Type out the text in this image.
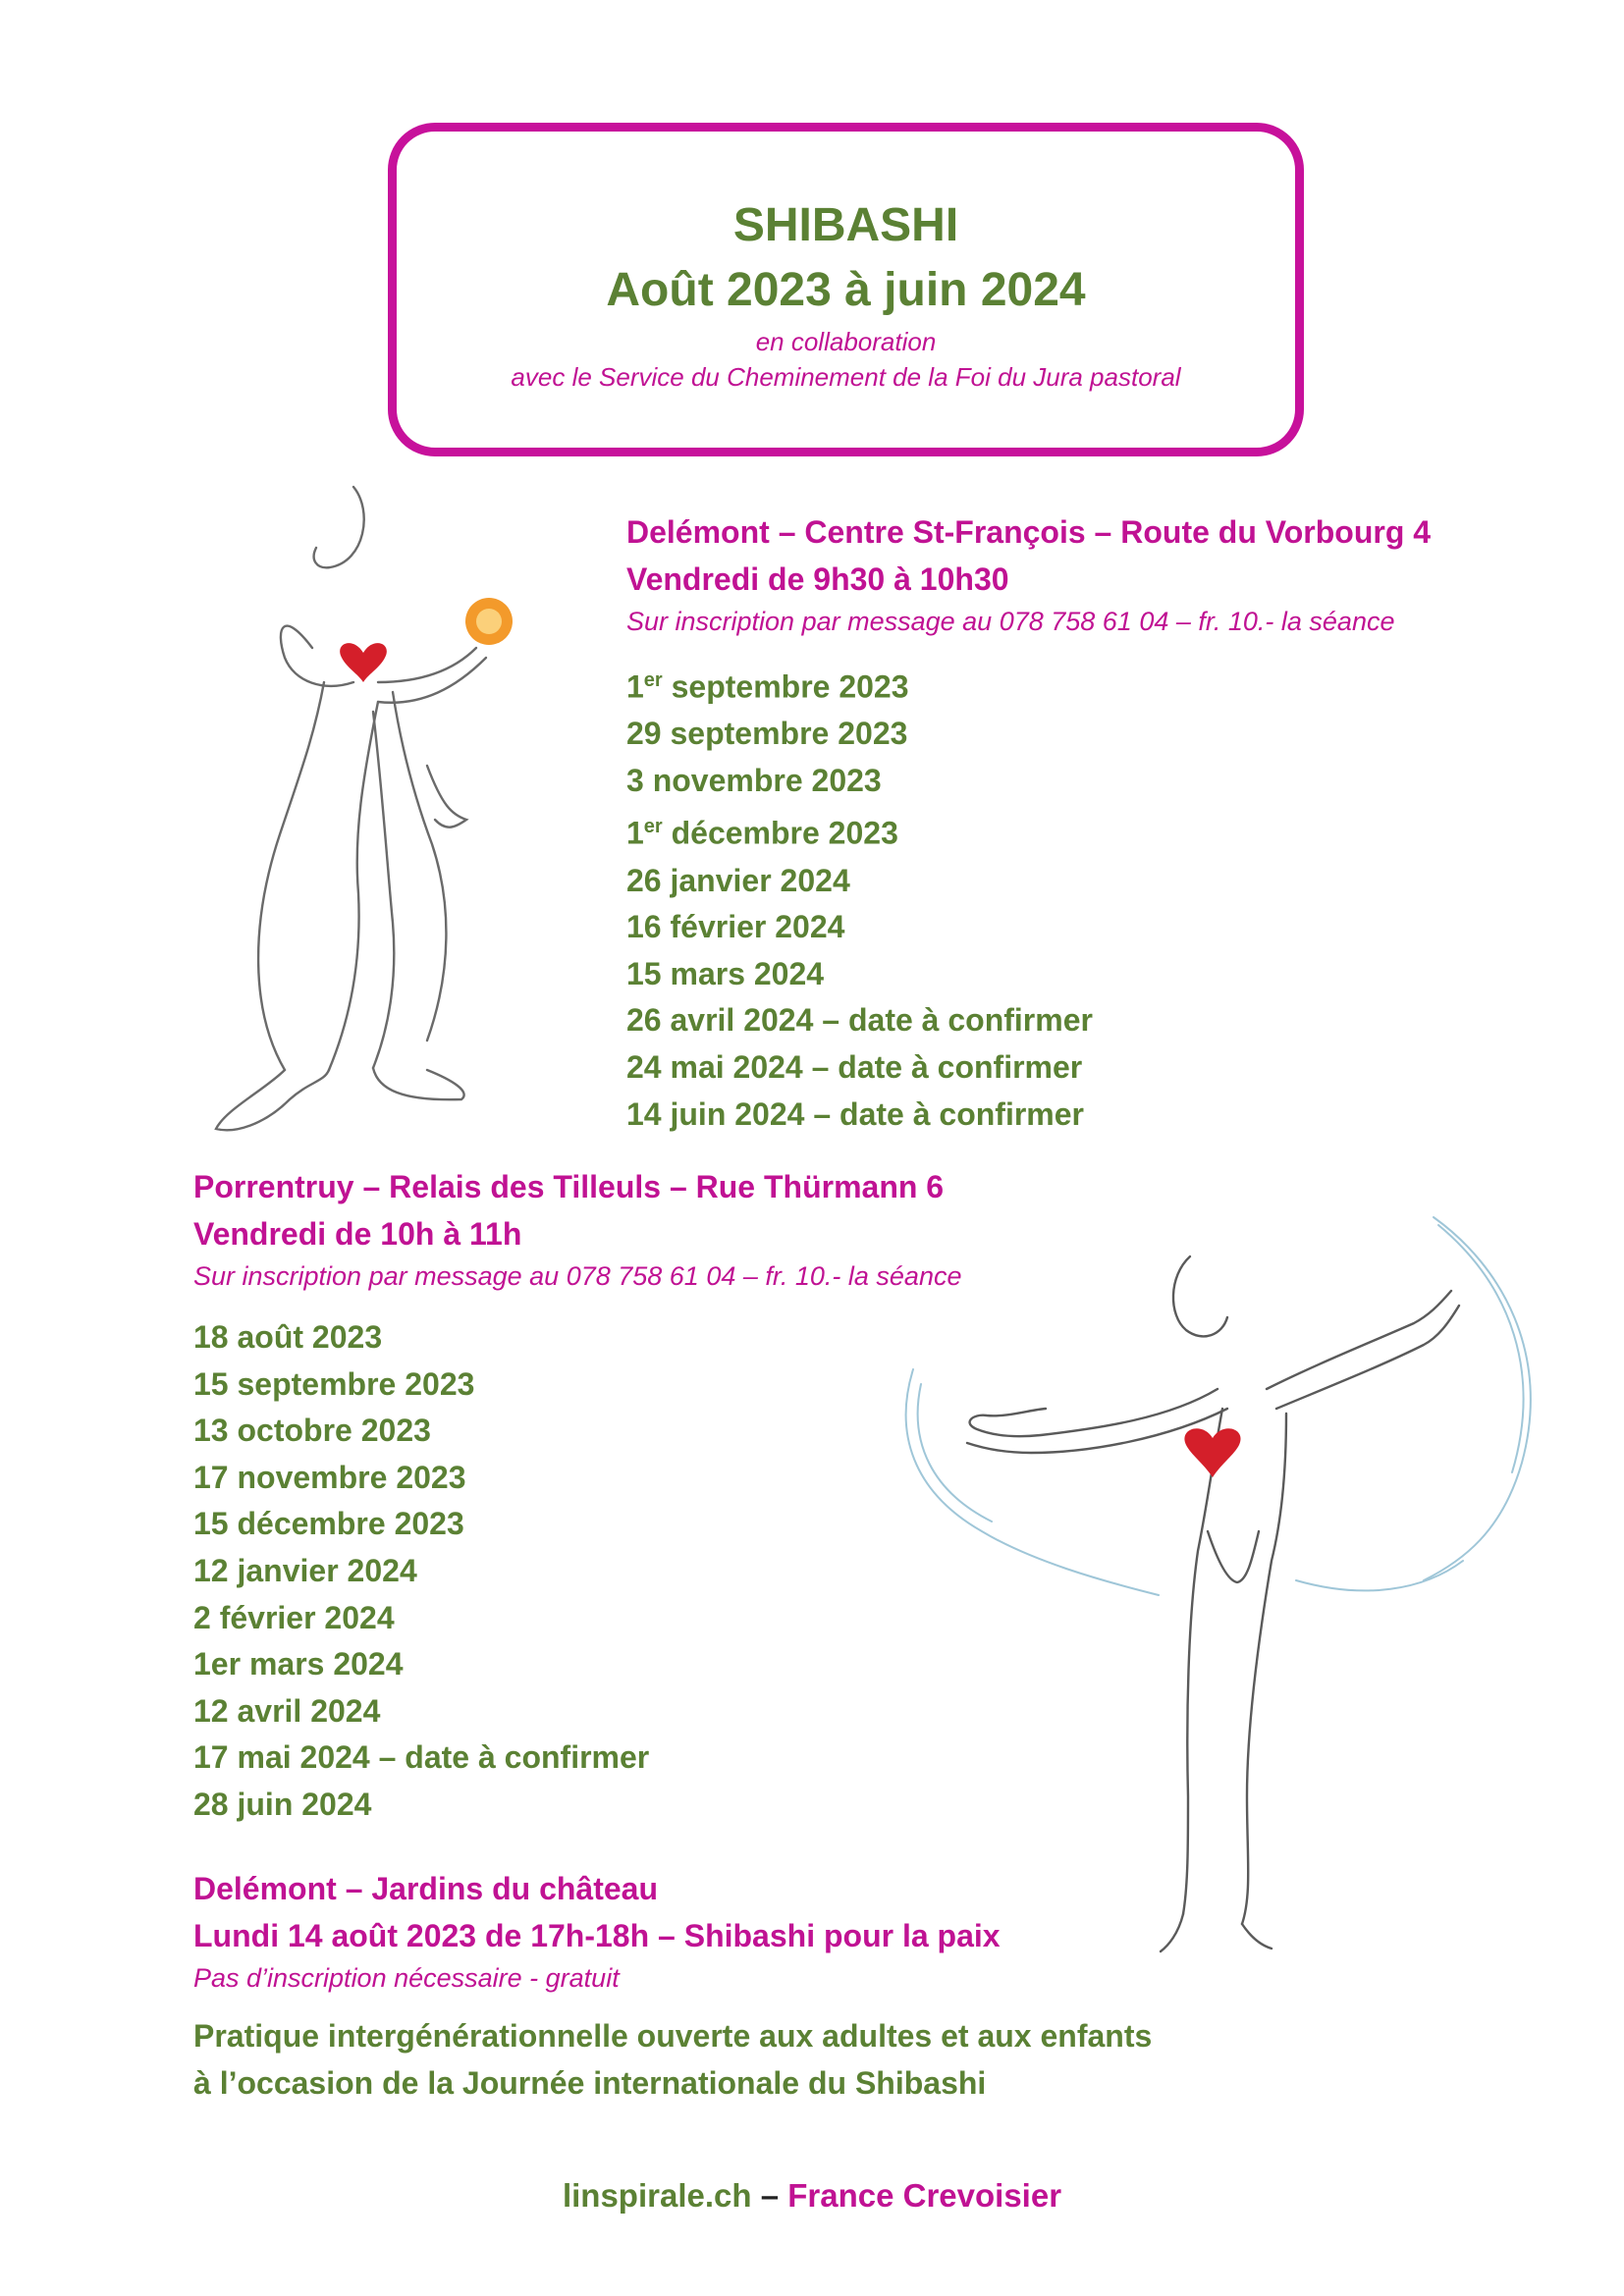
SHIBASHI
Août 2023 à juin 2024
en collaboration
avec le Service du Cheminement de la Foi du Jura pastoral
Delémont – Centre St-François – Route du Vorbourg 4
Vendredi de 9h30 à 10h30
Sur inscription par message au 078 758 61 04 – fr. 10.- la séance
1er septembre 2023
29 septembre 2023
3 novembre 2023
1er décembre 2023
26 janvier 2024
16 février 2024
15 mars 2024
26 avril 2024 – date à confirmer
24 mai 2024 – date à confirmer
14 juin 2024 – date à confirmer
Porrentruy – Relais des Tilleuls – Rue Thürmann 6
Vendredi de 10h à 11h
Sur inscription par message au 078 758 61 04 – fr. 10.- la séance
18 août 2023
15 septembre 2023
13 octobre 2023
17 novembre 2023
15 décembre 2023
12 janvier 2024
2 février 2024
1er mars 2024
12 avril 2024
17 mai 2024 – date à confirmer
28 juin 2024
Delémont – Jardins du château
Lundi 14 août 2023 de 17h-18h – Shibashi pour la paix
Pas d’inscription nécessaire - gratuit
Pratique intergénérationnelle ouverte aux adultes et aux enfants
à l’occasion de la Journée internationale du Shibashi
linspirale.ch – France Crevoisier
